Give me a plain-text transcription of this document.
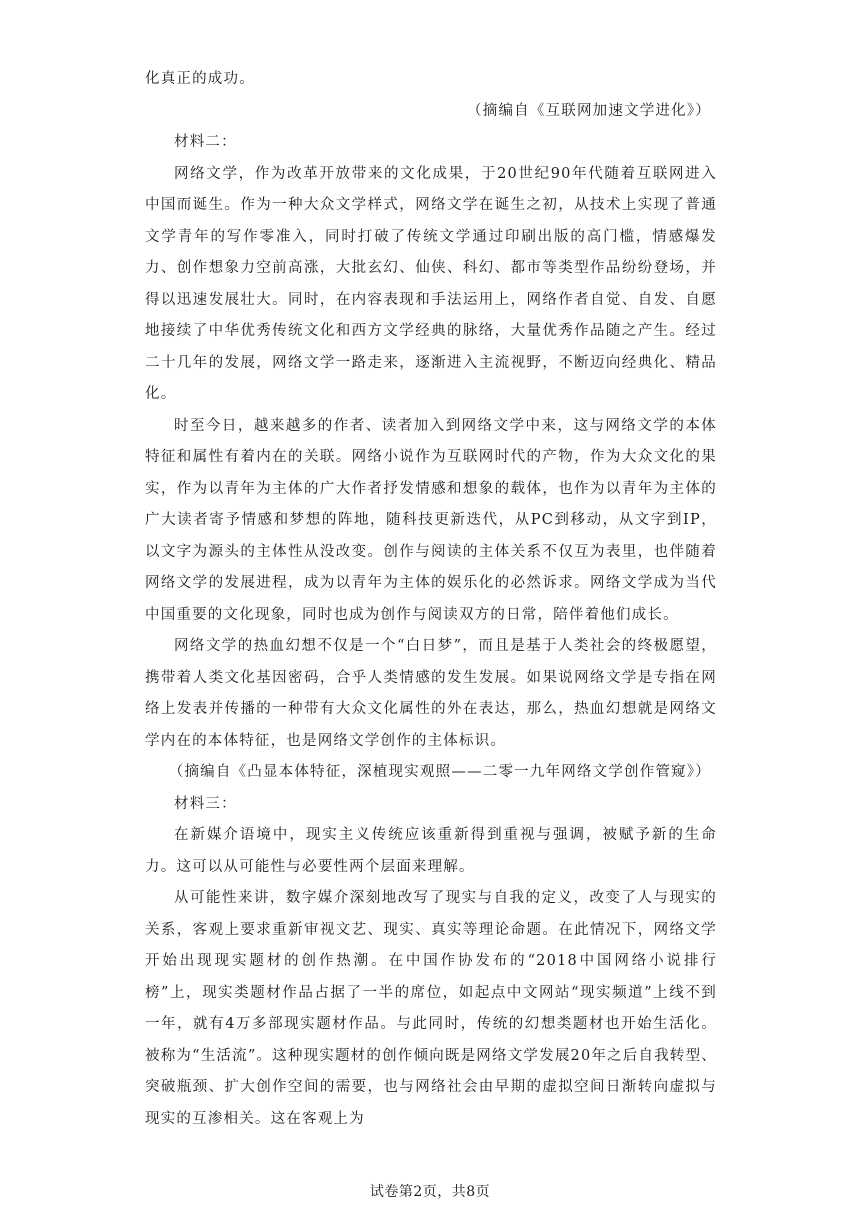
化真正的成功。

（摘编自《互联网加速文学进化》）

材料二：

网络文学，作为改革开放带来的文化成果，于20世纪90年代随着互联网进入中国而诞生。作为一种大众文学样式，网络文学在诞生之初，从技术上实现了普通文学青年的写作零准入，同时打破了传统文学通过印刷出版的高门槛，情感爆发力、创作想象力空前高涨，大批玄幻、仙侠、科幻、都市等类型作品纷纷登场，并得以迅速发展壮大。同时，在内容表现和手法运用上，网络作者自觉、自发、自愿地接续了中华优秀传统文化和西方文学经典的脉络，大量优秀作品随之产生。经过二十几年的发展，网络文学一路走来，逐渐进入主流视野，不断迈向经典化、精品化。

时至今日，越来越多的作者、读者加入到网络文学中来，这与网络文学的本体特征和属性有着内在的关联。网络小说作为互联网时代的产物，作为大众文化的果实，作为以青年为主体的广大作者抒发情感和想象的载体，也作为以青年为主体的广大读者寄予情感和梦想的阵地，随科技更新迭代，从PC到移动，从文字到IP，以文字为源头的主体性从没改变。创作与阅读的主体关系不仅互为表里，也伴随着网络文学的发展进程，成为以青年为主体的娱乐化的必然诉求。网络文学成为当代中国重要的文化现象，同时也成为创作与阅读双方的日常，陪伴着他们成长。

网络文学的热血幻想不仅是一个“白日梦”，而且是基于人类社会的终极愿望，携带着人类文化基因密码，合乎人类情感的发生发展。如果说网络文学是专指在网络上发表并传播的一种带有大众文化属性的外在表达，那么，热血幻想就是网络文学内在的本体特征，也是网络文学创作的主体标识。

（摘编自《凸显本体特征，深植现实观照——二零一九年网络文学创作管窥》）

材料三：

在新媒介语境中，现实主义传统应该重新得到重视与强调，被赋予新的生命力。这可以从可能性与必要性两个层面来理解。

从可能性来讲，数字媒介深刻地改写了现实与自我的定义，改变了人与现实的关系，客观上要求重新审视文艺、现实、真实等理论命题。在此情况下，网络文学开始出现现实题材的创作热潮。在中国作协发布的“2018中国网络小说排行榜”上，现实类题材作品占据了一半的席位，如起点中文网站“现实频道”上线不到一年，就有4万多部现实题材作品。与此同时，传统的幻想类题材也开始生活化。被称为“生活流”。这种现实题材的创作倾向既是网络文学发展20年之后自我转型、突破瓶颈、扩大创作空间的需要，也与网络社会由早期的虚拟空间日渐转向虚拟与现实的互渗相关。这在客观上为

试卷第2页，共8页
